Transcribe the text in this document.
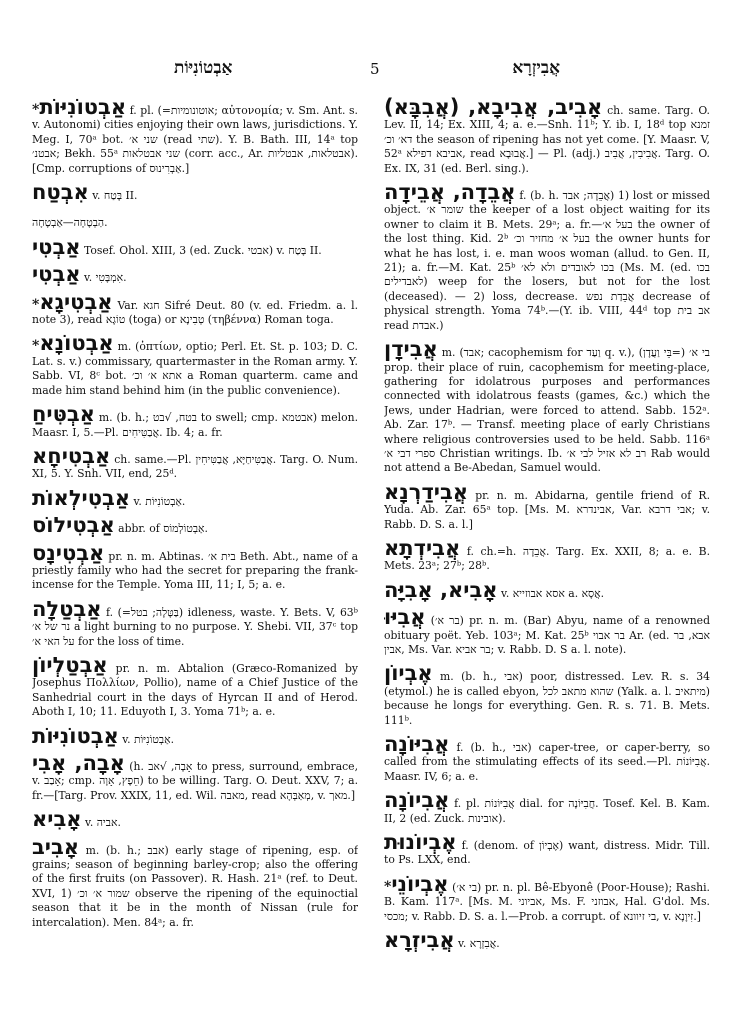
אַבְטוֹנִיּוֹת	5	אֲבִיזְרָא

*אַבְטוֹנִיּוֹת f. pl. (=אוטונומיות; αὐτονομία; v. Sm. Ant. s. v. Autonomi) cities enjoying their own laws, jurisdictions. Y. Meg. I, 70ᵃ bot. שני א׳ (read שתי). Y. B. Bath. III, 14ᵃ top אבטנ׳; Bekh. 55ᵃ שני אבטלאות (corr. acc., Ar. אבטלאות, אבטליות). [Cmp. corruptions of אַבְרִינוּס.]

אִבְטַח v. בָּטַח II.

הַבְטָחָה—אַבְטָחָה.

אַבְטִי Tosef. Ohol. XIII, 3 (ed. Zuck. אבטי) v. בָּטַח II.

אַבְטִי v. אִמְבָּטִי.

*אַבְטִיגָא Var. חגא Sifré Deut. 80 (v. ed. Friedm. a. l. note 3), read טוֹגָא (toga) or טְבִינָא (τηβέννα) Roman toga.

*אַבְטוֹנָא m. (ὀπτίων, optio; Perl. Et. St. p. 103; D. C. Lat. s. v.) commissary, quartermaster in the Roman army. Y. Sabb. VI, 8ᶜ bot. אתא א׳ וכ׳ a Roman quarterm. came and made him stand behind him (in the public convenience).

אַבְטִּיחַ m. (b. h.; בטח, √בט to swell; cmp. אבטמא) melon. Maasr. I, 5.—Pl. אֲבַטִּיחִים. Ib. 4; a. fr.

אַבְטִיחָא ch. same.—Pl. אֲבַטִּיחַיָּא, אֲבַטִּיחִין. Targ. O. Num. XI, 5. Y. Snh. VII, end, 25ᵈ.

אַבְטִילְאוֹת v. אַבְטוֹנִיּוֹת.

אַבְטִילוֹס abbr. of אַבְטוֹלְמוֹס.

אַבְטִינָס pr. n. m. Abtinas. בית א׳ Beth. Abt., name of a priestly family who had the secret for preparing the frank-incense for the Temple. Yoma III, 11; I, 5; a. e.

אַבְטַלָה f. (=בַּטָּלָה; בטל) idleness, waste. Y. Bets. V, 63ᵇ נר של א׳ a light burning to no purpose. Y. Shebi. VII, 37ᶜ top על האי א׳ for the loss of time.

אַבְטַלְיוֹן pr. n. m. Abtalion (Græco-Romanized by Josephus Πολλίων, Pollio), name of a Chief Justice of the Sanhedrial court in the days of Hyrcan II and of Herod. Aboth I, 10; 11. Eduyoth I, 3. Yoma 71ᵇ; a. e.

אַבְטוֹנִיּוֹת v. אַבְטוֹנִיּוֹת.

אָבָה, אָבִי (h. אָבָה, √אב to press, surround, embrace, v. אָבַב; cmp. חֵפֶץ, אָוָה) to be willing. Targ. O. Deut. XXV, 7; a. fr.—[Targ. Prov. XXIX, 11, ed. Wil. מאבה, read מְאַבְּהָא, v. מאך.]

אָבִיא v. אביה.

אָבִיב m. (b. h.; אבב) early stage of ripening, esp. of grains; season of beginning barley-crop; also the offering of the first fruits (on Passover). R. Hash. 21ᵃ (ref. to Deut. XVI, 1) שמור א׳ וכ׳ observe the ripening of the equinoctial season that it be in the month of Nissan (rule for intercalation). Men. 84ᵃ; a. fr.

אָבִיב, אֲבִיבָא, (אֲבִבָּא) ch. same. Targ. O. Lev. II, 14; Ex. XIII, 4; a. e.—Snh. 11ᵇ; Y. ib. I, 18ᵈ top זמנא דא׳ וכ׳ the season of ripening has not yet come. [Y. Maasr. V, 52ᵃ אביבא דפילא, read אֲבוּבָא.] — Pl. (adj.) אֲבִיבִין, אֲבִיב. Targ. O. Ex. IX, 31 (ed. Berl. sing.).

אֲבֵדָה, אֲבֵידָה f. (b. h. אֲבֵדָה; אבד) 1) lost or missed object. שומר א׳ the keeper of a lost object waiting for its owner to claim it B. Mets. 29ᵃ; a. fr.—בעל א׳ the owner of the lost thing. Kid. 2ᵇ בעל א׳ מחזיר וכ׳ the owner hunts for what he has lost, i. e. man woos woman (allud. to Gen. II, 21); a. fr.—M. Kat. 25ᵇ בכו לאובדים ולא לא׳ (Ms. M. (ed. בכו לאבדילים) weep for the losers, but not for the lost (deceased). — 2) loss, decrease. אֲבֵדַת נפש decrease of physical strength. Yoma 74ᵇ.—(Y. ib. VIII, 44ᵈ top אב בית read אבדת.)

אֲבִידָן m. (אבד; cacophemism for וַעַד q. v.), בי א׳ (=בֵּי וַעֲדָן) prop. their place of ruin, cacophemism for meeting-place, gathering for idolatrous purposes and performances connected with idolatrous feasts (games, &c.) which the Jews, under Hadrian, were forced to attend. Sabb. 152ᵃ. Ab. Zar. 17ᵇ. — Transf. meeting place of early Christians where religious controversies used to be held. Sabb. 116ᵃ ספרי דבי א׳ Christian writings. Ib. רב לא אזיל לבי א׳ Rab would not attend a Be-Abedan, Samuel would.

אֲבִידַרְנָא pr. n. m. Abidarna, gentile friend of R. Yuda. Ab. Zar. 65ᵃ top. [Ms. M. אבינדרא, Var. אבי דרבא; v. Rabb. D. S. a. l.]

אֲבִידְתָא f. ch.=h. אֲבֵדָה. Targ. Ex. XXII, 8; a. e. B. Mets. 23ᵃ; 27ᵇ; 28ᵇ.

אָבִיא, אָבִיָּה v. אסא אבוזייא a. אֲסָא.

אֲבִיּוּ (בר א׳) pr. n. m. (Bar) Abyu, name of a renowned obituary poët. Yeb. 103ᵃ; M. Kat. 25ᵇ בר אבוי Ar. (ed. אבא, בר אבין, Ms. Var. בר אביא; v. Rabb. D. S a. l. note).

אֶבְיוֹן m. (b. h., אבי) poor, distressed. Lev. R. s. 34 (etymol.) he is called ebyon, שהוא מתאב לכל (Yalk. a. l. מיתאיב) because he longs for everything. Gen. R. s. 71. B. Mets. 111ᵇ.

אֲבִיּוֹנָה f. (b. h., אבי) caper-tree, or caper-berry, so called from the stimulating effects of its seed.—Pl. אֲבִיּוֹנוֹת. Maasr. IV, 6; a. e.

אֲבִיוֹנָה f. pl. אֲבִיּוֹנוֹת dial. for חֲבִיּוֹנָה. Tosef. Kel. B. Kam. II, 2 (ed. Zuck. אובינות).

אֶבְיוֹנוּת f. (denom. of אֶבְיוֹן) want, distress. Midr. Till. to Ps. LXX, end.

*אֶבְיוֹנֵי (בי א׳) pr. n. pl. Bê-Ebyonê (Poor-House); Rashi. B. Kam. 117ᵃ. [Ms. M. אביוני, Ms. F. אבוזני, Hal. G'dol. Ms. מכסי; v. Rabb. D. S. a. l.—Prob. a corrupt. of בי זיוונא, v. זִיוָנָא.]

אֲבִיזְרָא v. אֲבִזְרָא.
